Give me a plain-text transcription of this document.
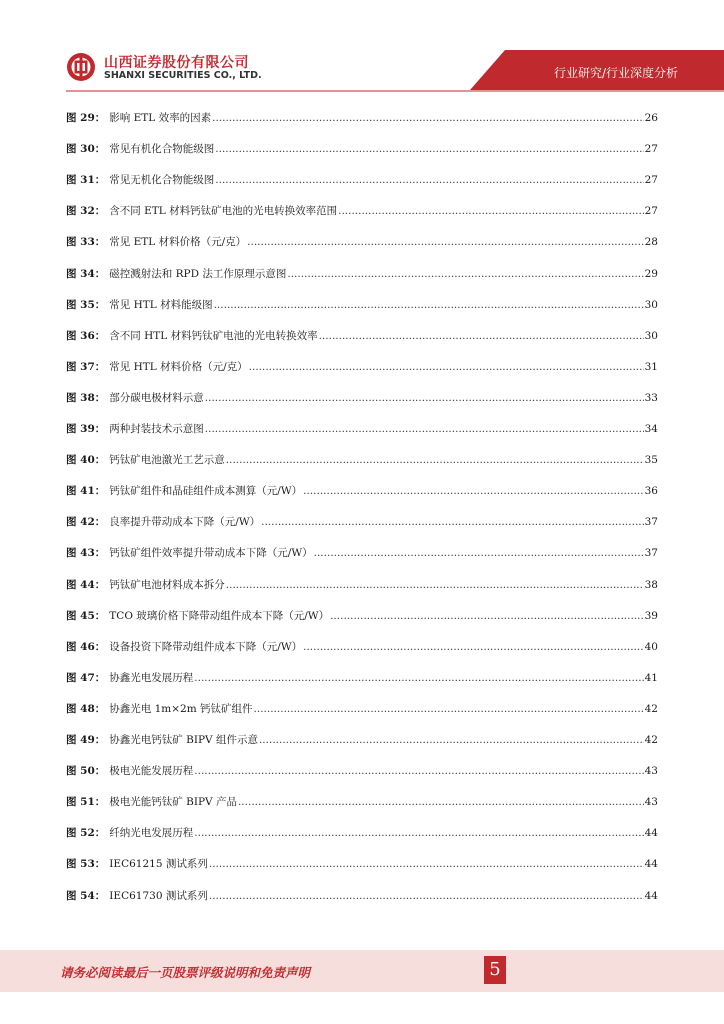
山西证券股份有限公司
SHANXI SECURITIES CO., LTD.	行业研究/行业深度分析
图 29： 影响 ETL 效率的因素 .....	26
图 30： 常见有机化合物能级图 .....	27
图 31： 常见无机化合物能级图 .....	27
图 32： 含不同 ETL 材料钙钛矿电池的光电转换效率范围 .....	27
图 33： 常见 ETL 材料价格（元/克） .....	28
图 34： 磁控溅射法和 RPD 法工作原理示意图 .....	29
图 35： 常见 HTL 材料能级图 .....	30
图 36： 含不同 HTL 材料钙钛矿电池的光电转换效率 .....	30
图 37： 常见 HTL 材料价格（元/克） .....	31
图 38： 部分碳电极材料示意 .....	33
图 39： 两种封装技术示意图 .....	34
图 40： 钙钛矿电池激光工艺示意 .....	35
图 41： 钙钛矿组件和晶硅组件成本测算（元/W） .....	36
图 42： 良率提升带动成本下降（元/W） .....	37
图 43： 钙钛矿组件效率提升带动成本下降（元/W） .....	37
图 44： 钙钛矿电池材料成本拆分 .....	38
图 45： TCO 玻璃价格下降带动组件成本下降（元/W） .....	39
图 46： 设备投资下降带动组件成本下降（元/W） .....	40
图 47： 协鑫光电发展历程 .....	41
图 48： 协鑫光电 1m×2m 钙钛矿组件 .....	42
图 49： 协鑫光电钙钛矿 BIPV 组件示意 .....	42
图 50： 极电光能发展历程 .....	43
图 51： 极电光能钙钛矿 BIPV 产品 .....	43
图 52： 纤纳光电发展历程 .....	44
图 53： IEC61215 测试系列 .....	44
图 54： IEC61730 测试系列 .....	44
请务必阅读最后一页股票评级说明和免责声明	5
